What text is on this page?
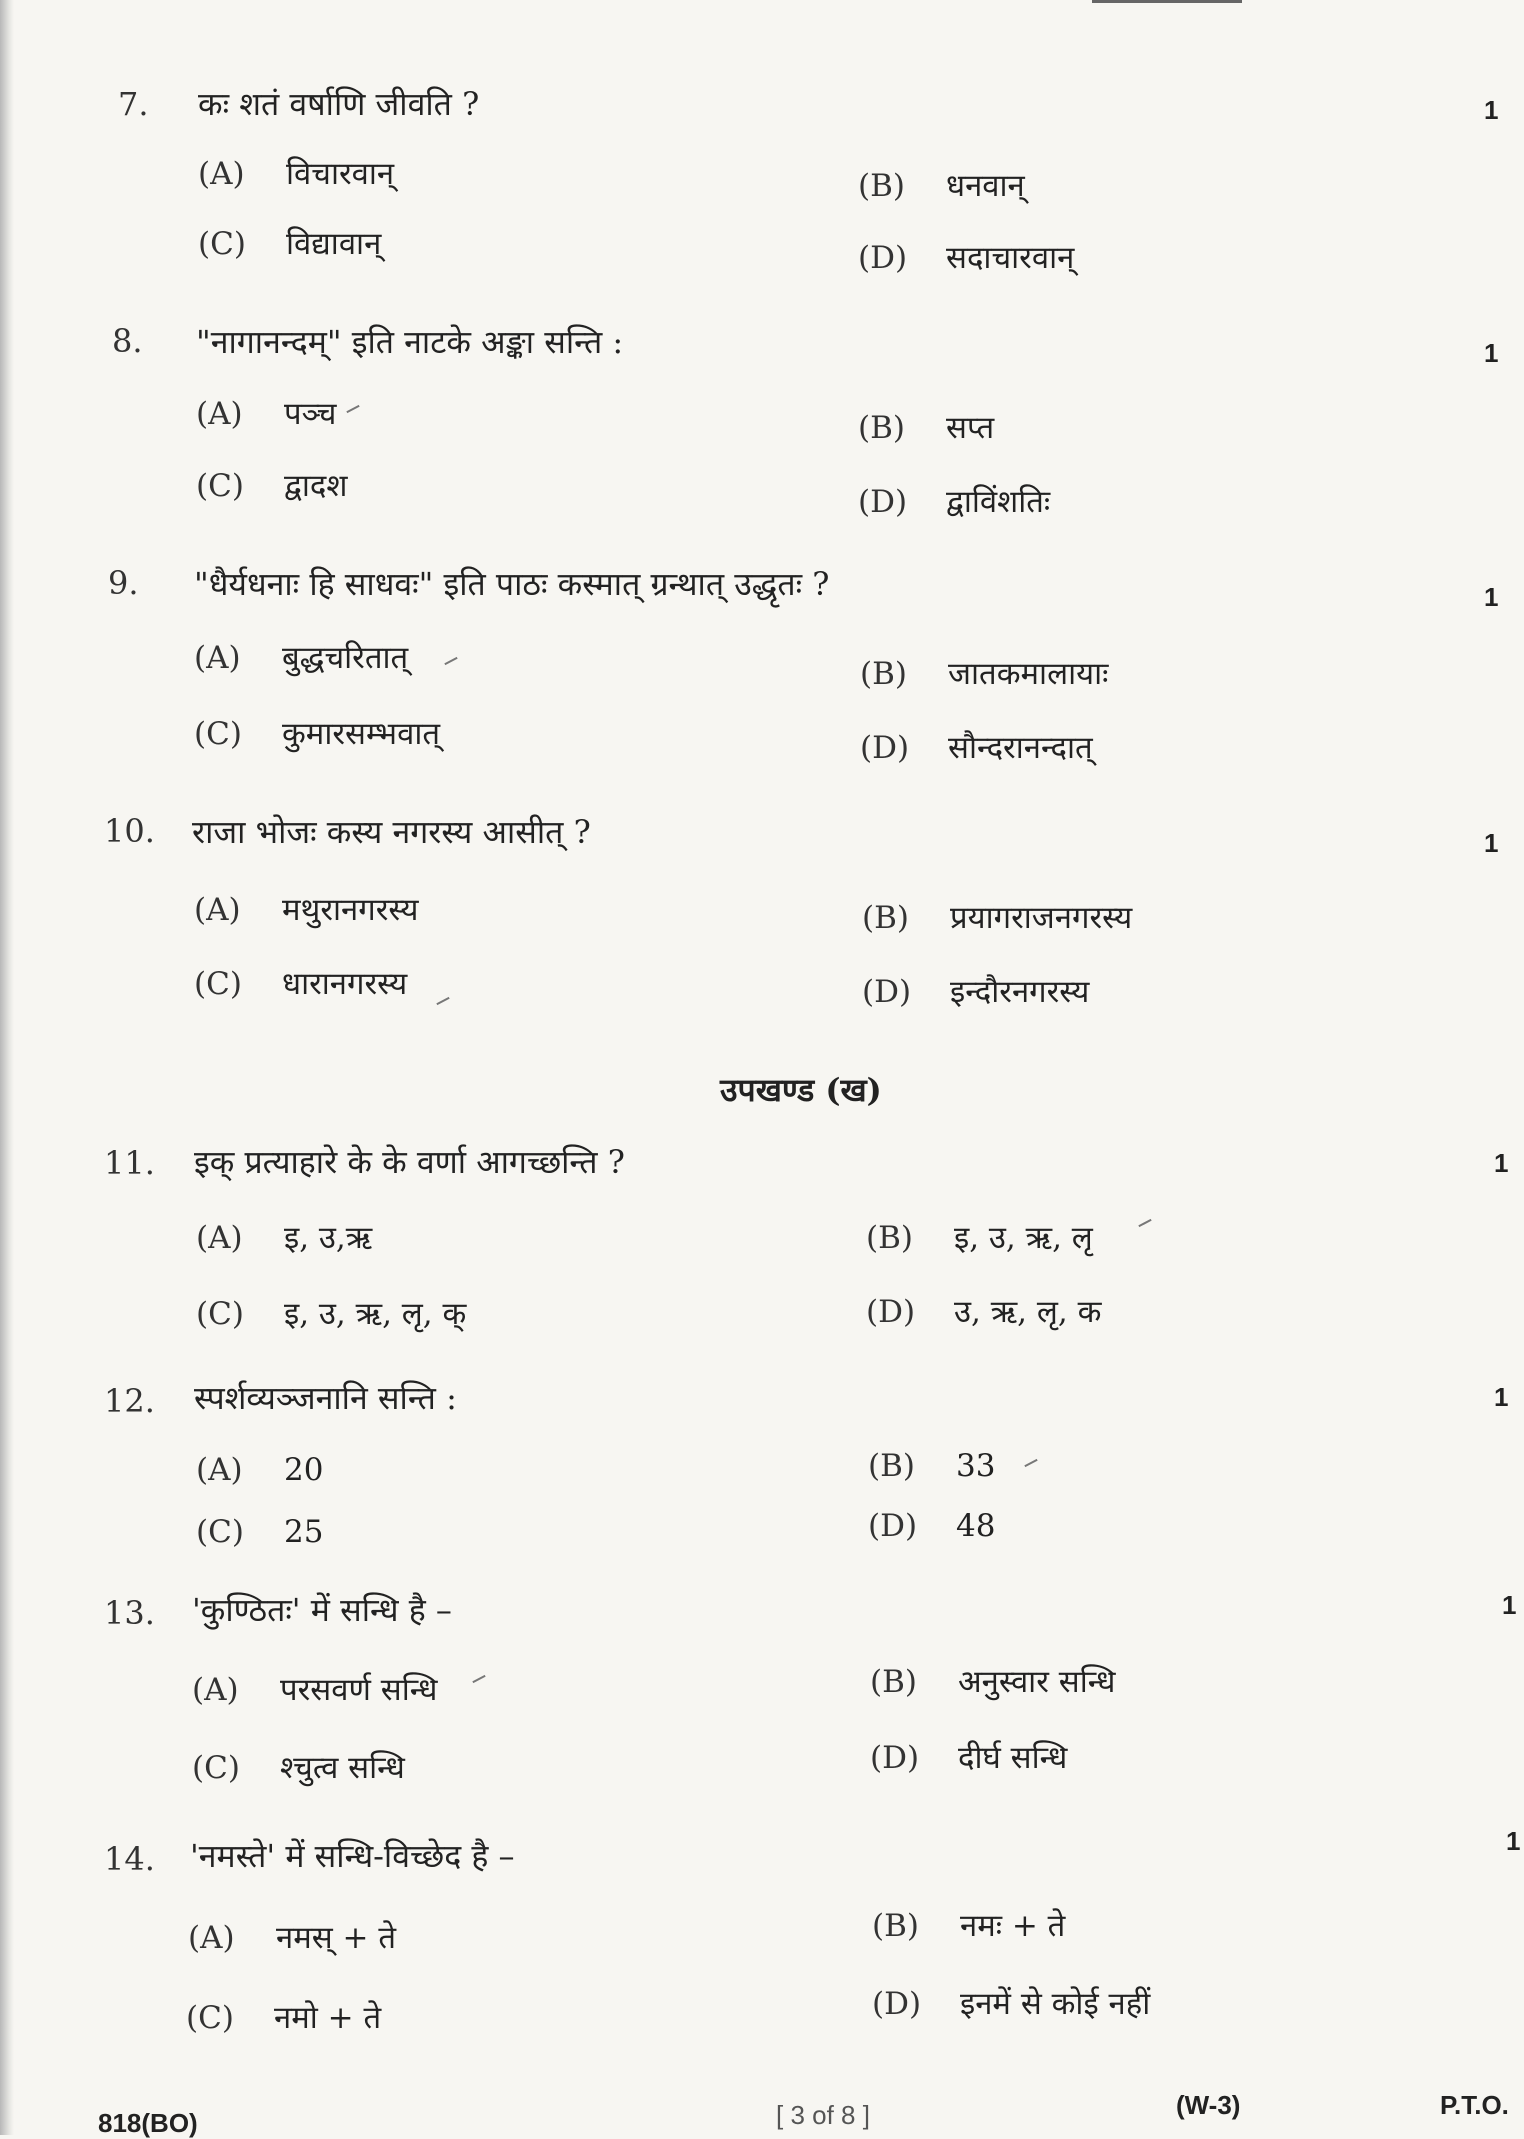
7. कः शतं वर्षाणि जीवति ?	1
(A) विचारवान्	(B) धनवान्
(C) विद्यावान्	(D) सदाचारवान्
8. "नागानन्दम्" इति नाटके अङ्का सन्ति :	1
(A) पञ्च	(B) सप्त
(C) द्वादश	(D) द्वाविंशतिः
9. "धैर्यधनाः हि साधवः" इति पाठः कस्मात् ग्रन्थात् उद्धृतः ?	1
(A) बुद्धचरितात्	(B) जातकमालायाः
(C) कुमारसम्भवात्	(D) सौन्दरानन्दात्
10. राजा भोजः कस्य नगरस्य आसीत् ?	1
(A) मथुरानगरस्य	(B) प्रयागराजनगरस्य
(C) धारानगरस्य	(D) इन्दौरनगरस्य
उपखण्ड (ख)
11. इक् प्रत्याहारे के के वर्णा आगच्छन्ति ?	1
(A) इ, उ,ऋ	(B) इ, उ, ऋ, लृ
(C) इ, उ, ऋ, लृ, क्	(D) उ, ऋ, लृ, क
12. स्पर्शव्यञ्जनानि सन्ति :	1
(A) 20	(B) 33
(C) 25	(D) 48
13. 'कुण्ठितः' में सन्धि है –	1
(A) परसवर्ण सन्धि	(B) अनुस्वार सन्धि
(C) श्चुत्व सन्धि	(D) दीर्घ सन्धि
14. 'नमस्ते' में सन्धि-विच्छेद है –	1
(A) नमस् + ते	(B) नमः + ते
(C) नमो + ते	(D) इनमें से कोई नहीं
818(BO)	[ 3 of 8 ]	(W-3)	P.T.O.
